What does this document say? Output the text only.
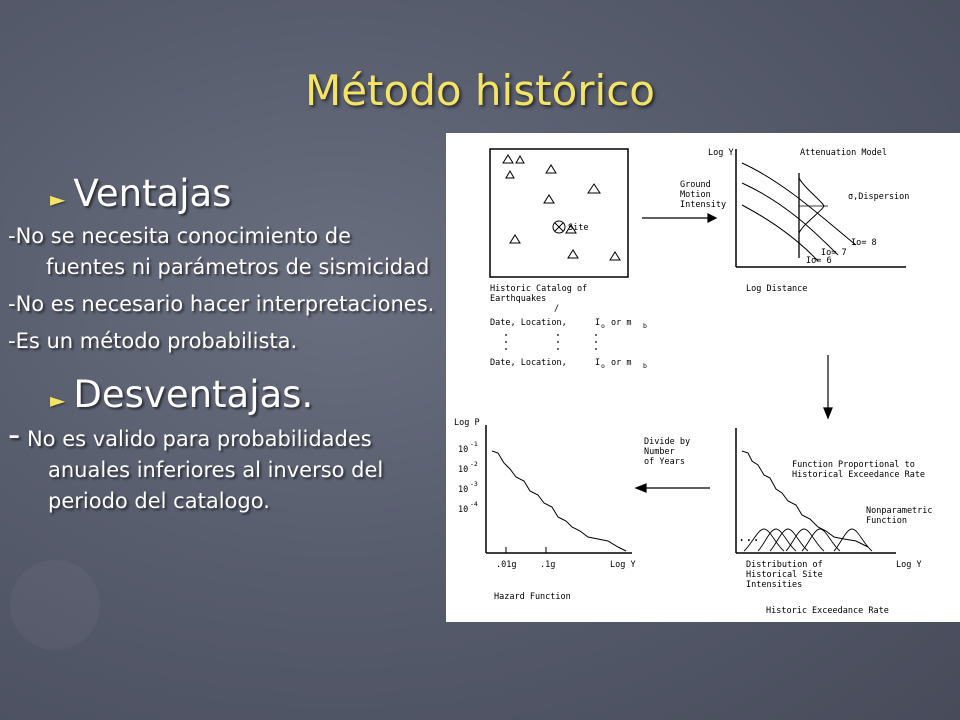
Método histórico
► Ventajas
-No se necesita conocimiento de fuentes ni parámetros de sismicidad
-No es necesario hacer interpretaciones.
-Es un método probabilista.
► Desventajas.
- No es valido para probabilidades anuales inferiores al inverso del periodo del catalogo.
Site
Historic Catalog of
Earthquakes
/
Date, Location,	I o or m b
Date, Location,	I o or m b
Ground
Motion
Intensity
Log Y	Attenuation Model
σ,Dispersion
Io= 6
Io= 7
Io= 8
Log Distance
Function Proportional to
Historical Exceedance Rate
Nonparametric
Function
...
Distribution of
Historical Site
Intensities
Log Y
Historic Exceedance Rate
Divide by
Number
of Years
Log P
10
-1
10
-2
10
-3
10
-4
.01g	.1g	Log Y
Hazard Function
